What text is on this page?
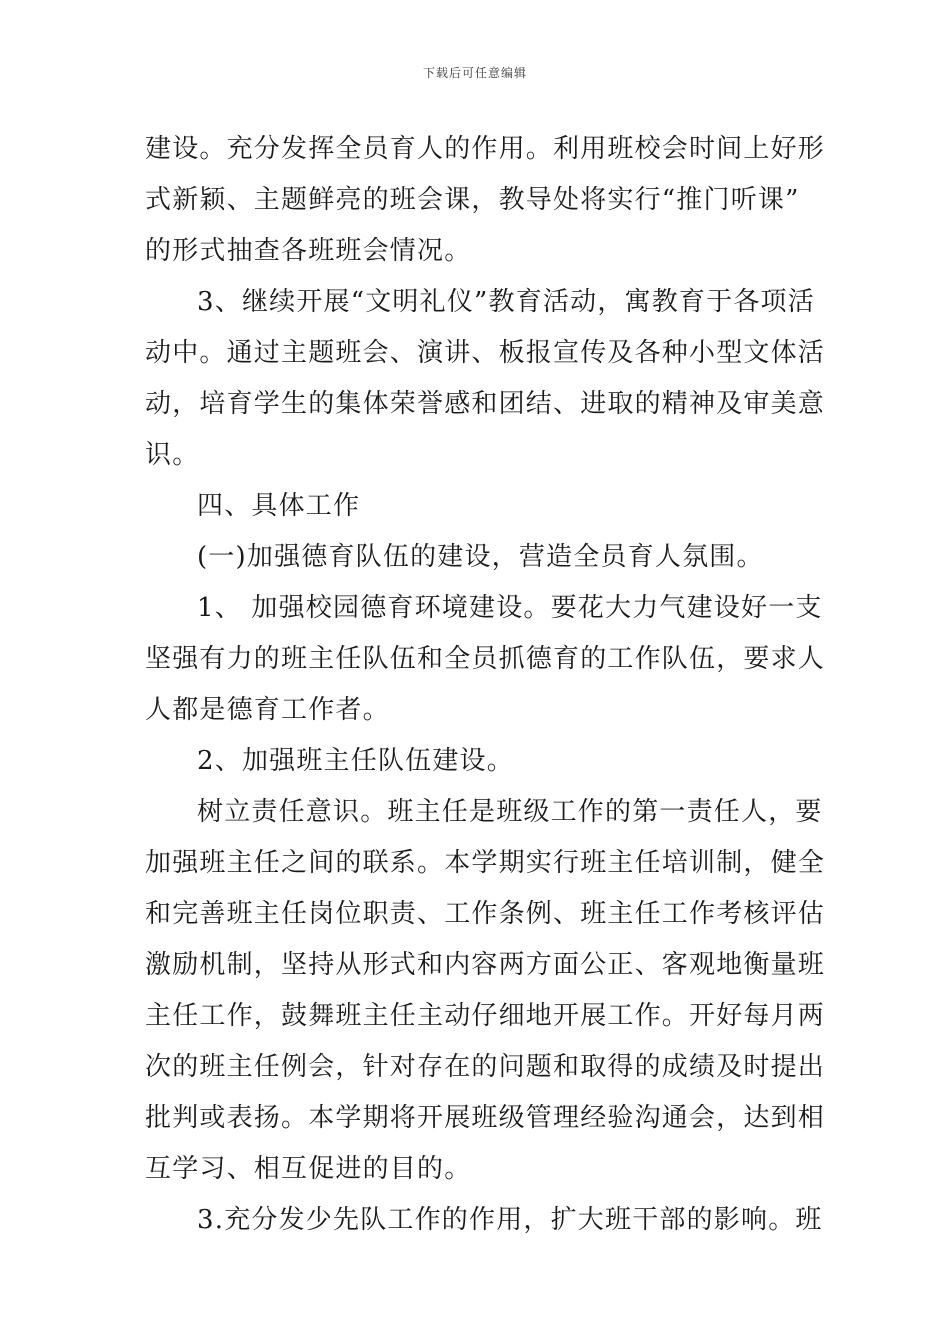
下载后可任意编辑
建设。充分发挥全员育人的作用。利用班校会时间上好形
式新颖、主题鲜亮的班会课，教导处将实行“推门听课”
的形式抽查各班班会情况。
3、继续开展“文明礼仪”教育活动，寓教育于各项活
动中。通过主题班会、演讲、板报宣传及各种小型文体活
动，培育学生的集体荣誉感和团结、进取的精神及审美意
识。
四、具体工作
(一)加强德育队伍的建设，营造全员育人氛围。
1、 加强校园德育环境建设。要花大力气建设好一支
坚强有力的班主任队伍和全员抓德育的工作队伍，要求人
人都是德育工作者。
2、加强班主任队伍建设。
树立责任意识。班主任是班级工作的第一责任人，要
加强班主任之间的联系。本学期实行班主任培训制，健全
和完善班主任岗位职责、工作条例、班主任工作考核评估
激励机制，坚持从形式和内容两方面公正、客观地衡量班
主任工作，鼓舞班主任主动仔细地开展工作。开好每月两
次的班主任例会，针对存在的问题和取得的成绩及时提出
批判或表扬。本学期将开展班级管理经验沟通会，达到相
互学习、相互促进的目的。
3.充分发少先队工作的作用，扩大班干部的影响。班
